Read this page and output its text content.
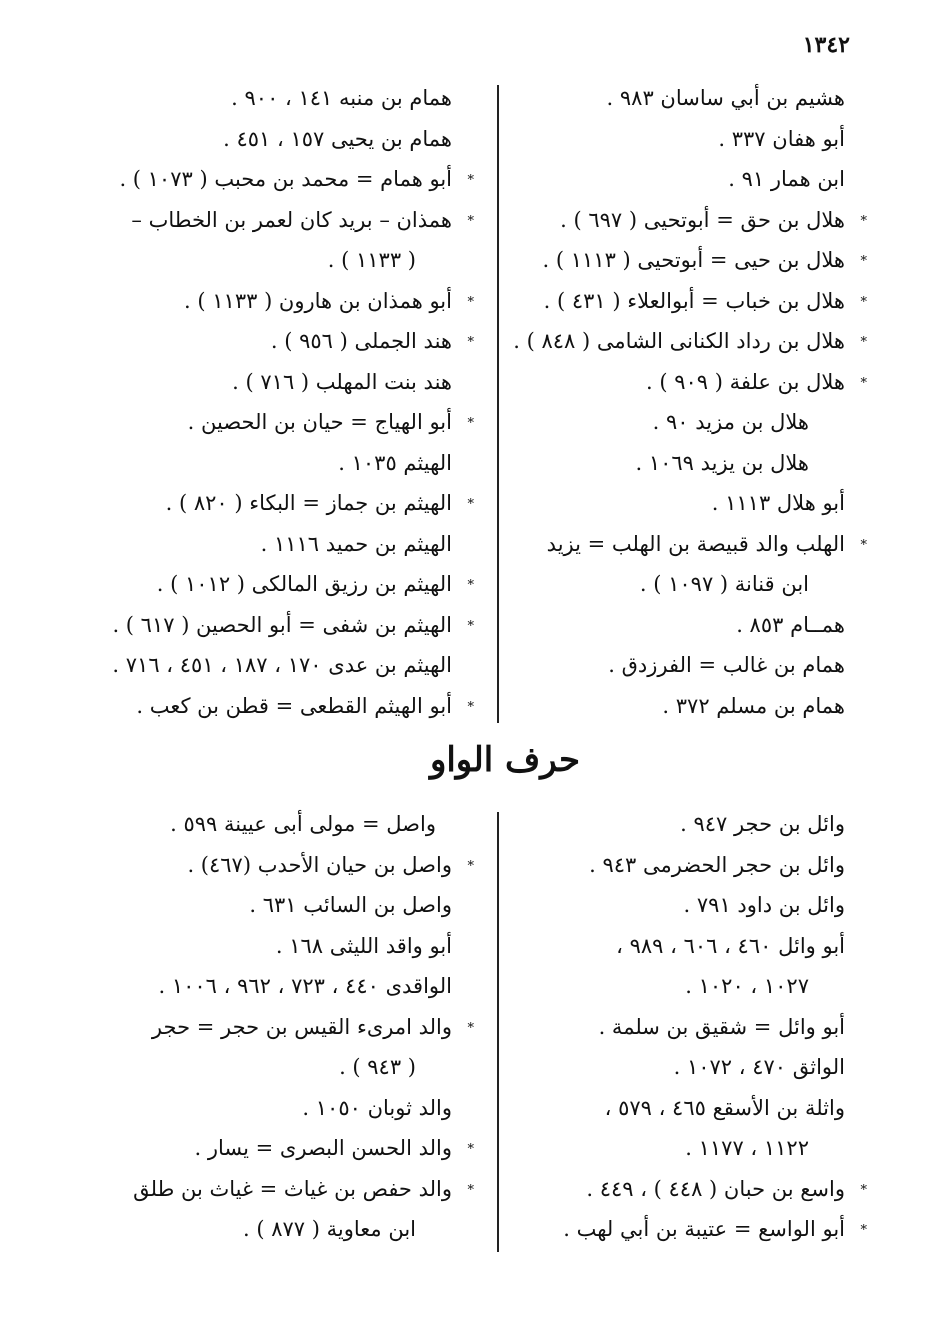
١٣٤٢
هشيم بن أبي ساسان ٩٨٣ .
أبو هفان ٣٣٧ .
ابن همار ٩١ .
* هلال بن حق = أبوتحيى ( ٦٩٧ ) .
* هلال بن حيى = أبوتحيى ( ١١١٣ ) .
* هلال بن خباب = أبوالعلاء ( ٤٣١ ) .
* هلال بن رداد الكنانى الشامى ( ٨٤٨ ) .
* هلال بن علفة ( ٩٠٩ ) .
هلال بن مزيد ٩٠ .
هلال بن يزيد ١٠٦٩ .
أبو هلال ١١١٣ .
* الهلب والد قبيصة بن الهلب = يزيد
ابن قنانة ( ١٠٩٧ ) .
همــام ٨٥٣ .
همام بن غالب = الفرزدق .
همام بن مسلم ٣٧٢ .
همام بن منبه ١٤١ ، ٩٠٠ .
همام بن يحيى ١٥٧ ، ٤٥١ .
* أبو همام = محمد بن محبب ( ١٠٧٣ ) .
* همذان – بريد كان لعمر بن الخطاب –
( ١١٣٣ ) .
* أبو همذان بن هارون ( ١١٣٣ ) .
* هند الجملى ( ٩٥٦ ) .
هند بنت المهلب ( ٧١٦ ) .
* أبو الهياج = حيان بن الحصين .
الهيثم ١٠٣٥ .
* الهيثم بن جماز = البكاء ( ٨٢٠ ) .
الهيثم بن حميد ١١١٦ .
* الهيثم بن رزيق المالكى ( ١٠١٢ ) .
* الهيثم بن شفى = أبو الحصين ( ٦١٧ ) .
الهيثم بن عدى ١٧٠ ، ١٨٧ ، ٤٥١ ، ٧١٦ .
* أبو الهيثم القطعى = قطن بن كعب .
حرف الواو
وائل بن حجر ٩٤٧ .
وائل بن حجر الحضرمى ٩٤٣ .
وائل بن داود ٧٩١ .
أبو وائل ٤٦٠ ، ٦٠٦ ، ٩٨٩ ،
١٠٢٧ ، ١٠٢٠ .
أبو وائل = شقيق بن سلمة .
الواثق ٤٧٠ ، ١٠٧٢ .
واثلة بن الأسقع ٤٦٥ ، ٥٧٩ ،
١١٢٢ ، ١١٧٧ .
* واسع بن حبان ( ٤٤٨ ) ، ٤٤٩ .
* أبو الواسع = عتيبة بن أبي لهب .
واصل = مولى أبى عيينة ٥٩٩ .
* واصل بن حيان الأحدب (٤٦٧) .
واصل بن السائب ٦٣١ .
أبو واقد الليثى ١٦٨ .
الواقدى ٤٤٠ ، ٧٢٣ ، ٩٦٢ ، ١٠٠٦ .
* والد امرىء القيس بن حجر = حجر
( ٩٤٣ ) .
والد ثوبان ١٠٥٠ .
* والد الحسن البصرى = يسار .
* والد حفص بن غياث = غياث بن طلق
ابن معاوية ( ٨٧٧ ) .
